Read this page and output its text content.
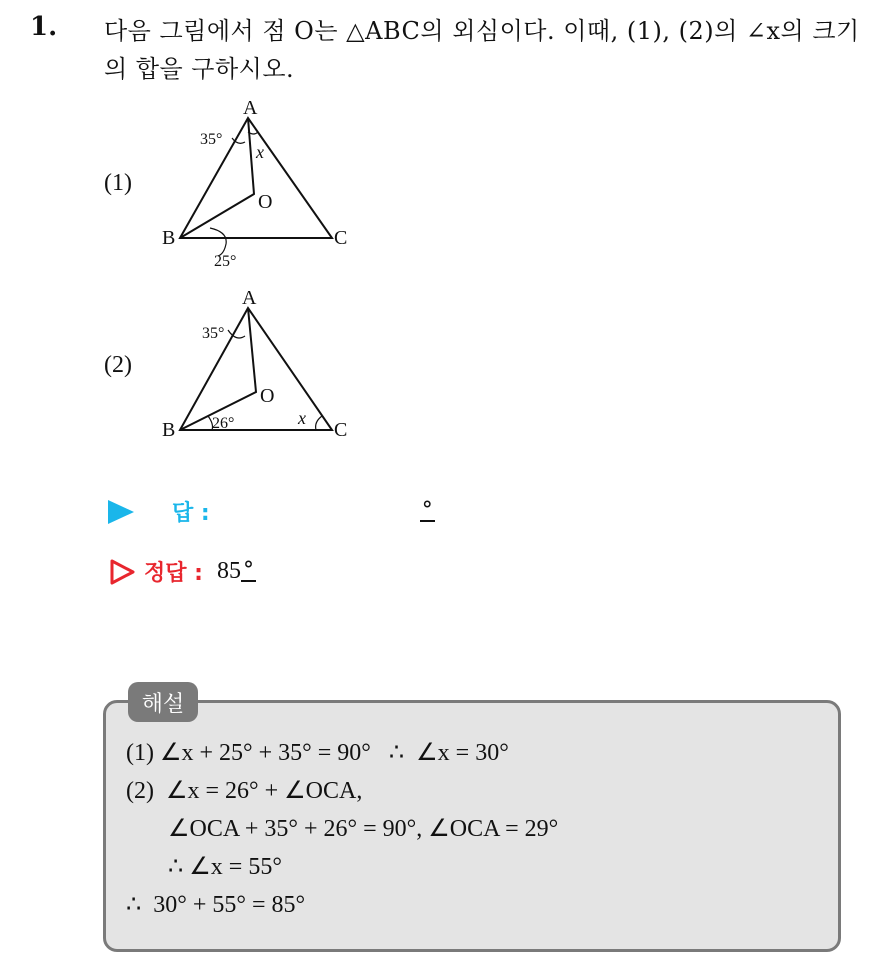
1. 다음 그림에서 점 O는 △ABC의 외심이다. 이때, (1), (2)의 ∠x의 크기의 합을 구하시오.
(1)
A
B	C
O
35°
x
25°
(2)
A
B	C
O
35°
26°	x
답 :	°
정답 : 85 °
해설
(1) ∠x + 25° + 35° = 90°   ∴  ∠x = 30°
(2)  ∠x = 26° + ∠OCA,
∠OCA + 35° + 26° = 90°, ∠OCA = 29°
∴ ∠x = 55°
∴  30° + 55° = 85°
